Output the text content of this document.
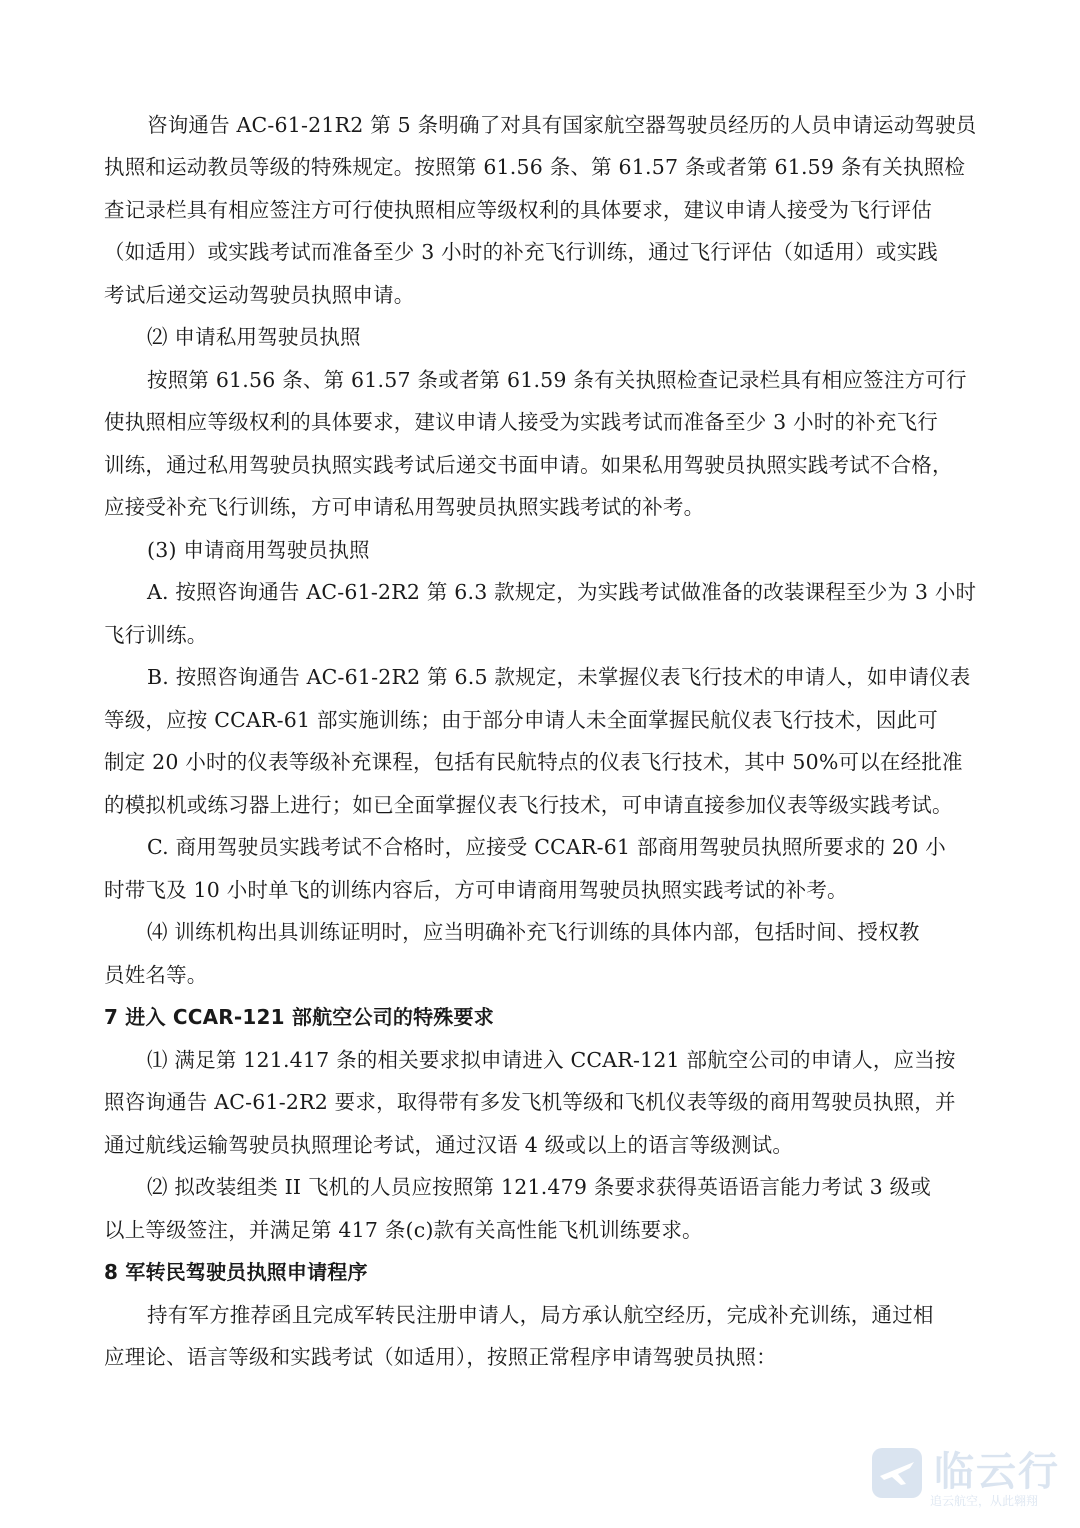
咨询通告 AC-61-21R2 第 5 条明确了对具有国家航空器驾驶员经历的人员申请运动驾驶员
执照和运动教员等级的特殊规定。按照第 61.56 条、第 61.57 条或者第 61.59 条有关执照检
查记录栏具有相应签注方可行使执照相应等级权利的具体要求，建议申请人接受为飞行评估
（如适用）或实践考试而准备至少 3 小时的补充飞行训练，通过飞行评估（如适用）或实践
考试后递交运动驾驶员执照申请。
⑵ 申请私用驾驶员执照
按照第 61.56 条、第 61.57 条或者第 61.59 条有关执照检查记录栏具有相应签注方可行
使执照相应等级权利的具体要求，建议申请人接受为实践考试而准备至少 3 小时的补充飞行
训练，通过私用驾驶员执照实践考试后递交书面申请。如果私用驾驶员执照实践考试不合格，
应接受补充飞行训练，方可申请私用驾驶员执照实践考试的补考。
(3) 申请商用驾驶员执照
A. 按照咨询通告 AC-61-2R2 第 6.3 款规定，为实践考试做准备的改装课程至少为 3 小时
飞行训练。
B. 按照咨询通告 AC-61-2R2 第 6.5 款规定，未掌握仪表飞行技术的申请人，如申请仪表
等级，应按 CCAR-61 部实施训练；由于部分申请人未全面掌握民航仪表飞行技术，因此可
制定 20 小时的仪表等级补充课程，包括有民航特点的仪表飞行技术，其中 50%可以在经批准
的模拟机或练习器上进行；如已全面掌握仪表飞行技术，可申请直接参加仪表等级实践考试。
C. 商用驾驶员实践考试不合格时，应接受 CCAR-61 部商用驾驶员执照所要求的 20 小
时带飞及 10 小时单飞的训练内容后，方可申请商用驾驶员执照实践考试的补考。
⑷ 训练机构出具训练证明时，应当明确补充飞行训练的具体内部，包括时间、授权教
员姓名等。
7 进入 CCAR-121 部航空公司的特殊要求
⑴ 满足第 121.417 条的相关要求拟申请进入 CCAR-121 部航空公司的申请人，应当按
照咨询通告 AC-61-2R2 要求，取得带有多发飞机等级和飞机仪表等级的商用驾驶员执照，并
通过航线运输驾驶员执照理论考试，通过汉语 4 级或以上的语言等级测试。
⑵ 拟改装组类 II 飞机的人员应按照第 121.479 条要求获得英语语言能力考试 3 级或
以上等级签注，并满足第 417 条(c)款有关高性能飞机训练要求。
8 军转民驾驶员执照申请程序
持有军方推荐函且完成军转民注册申请人，局方承认航空经历，完成补充训练，通过相
应理论、语言等级和实践考试（如适用），按照正常程序申请驾驶员执照：
临云行
追云航空，从此翱翔
